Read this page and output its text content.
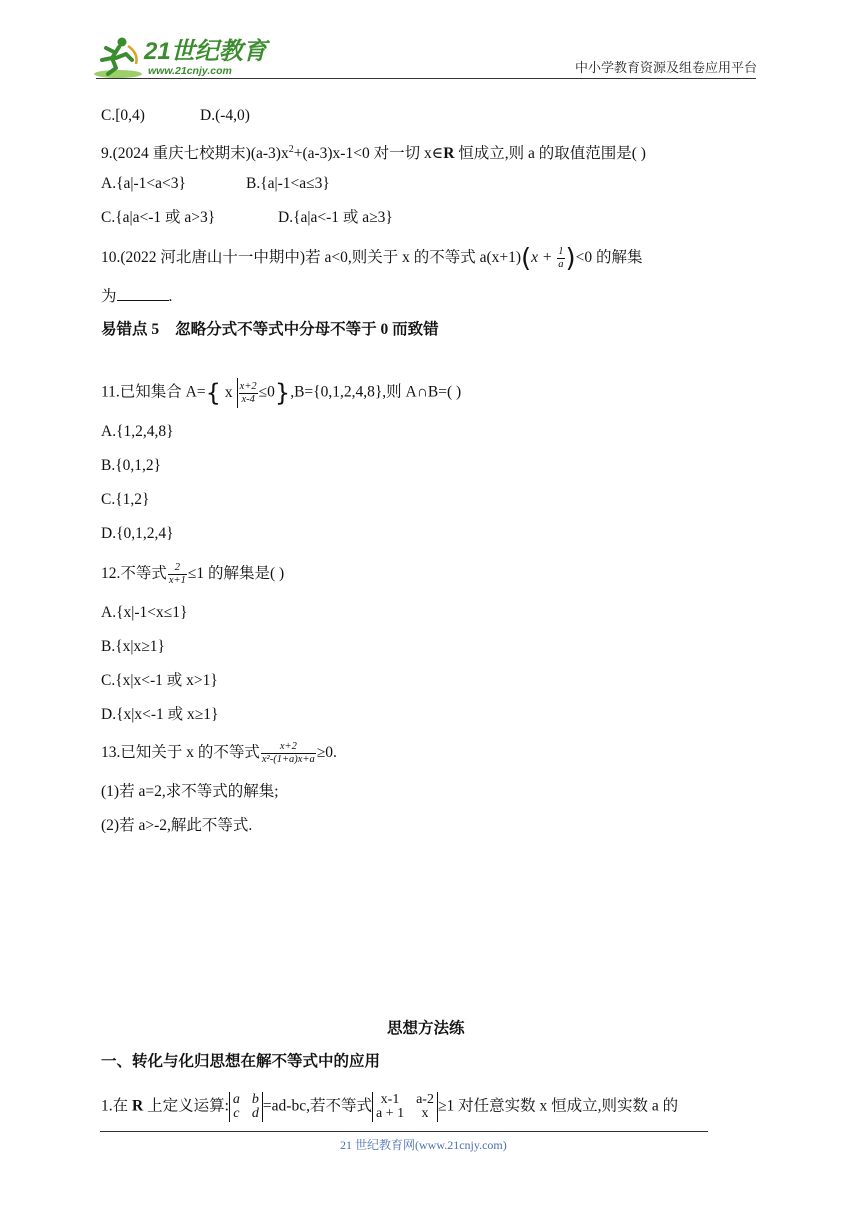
21世纪教育
www.21cnjy.com	中小学教育资源及组卷应用平台
C.[0,4)	D.(-4,0)
9.(2024 重庆七校期末)$(a-3)x^2+(a-3)x-1<0$ 对一切 x∈R 恒成立,则 a 的取值范围是( )
A.{a|-1<a<3}	B.{a|-1<a≤3}
C.{a|a<-1 或 a>3}	D.{a|a<-1 或 a≥3}
10.(2022 河北唐山十一中期中)若 a<0,则关于 x 的不等式 $a(x+1)(x + \frac{1}{a} )<0$ 的解集
为	.
易错点 5 忽略分式不等式中分母不等于 0 而致错
11.已知集合 A={ x $\frac{x+2}{x-4} \le 0\},B=\{0,1,2,4,8\}$,则 A∩B=( )
A.{1,2,4,8}
B.{0,1,2}
C.{1,2}
D.{0,1,2,4}
12.不等式 $\frac{2}{x+1} \le 1$ 的解集是( )
A.{x|-1<x≤1}
B.{x|x≥1}
C.{x|x<-1 或 x>1}
D.{x|x<-1 或 x≥1}
13.已知关于 x 的不等式 $\frac{x+2}{\text{x²-(1+a)x+a}} \ge 0$.
(1)若 a=2,求不等式的解集;
(2)若 a>-2,解此不等式.
思想方法练
一、转化与化归思想在解不等式中的应用
1.在 R 上定义运算: a b
c d =ad-bc,若不等式 x-1	a-2
a + 1	x ≥1 对任意实数 x 恒成立,则实数 a 的
21 世纪教育网(www.21cnjy.com)
